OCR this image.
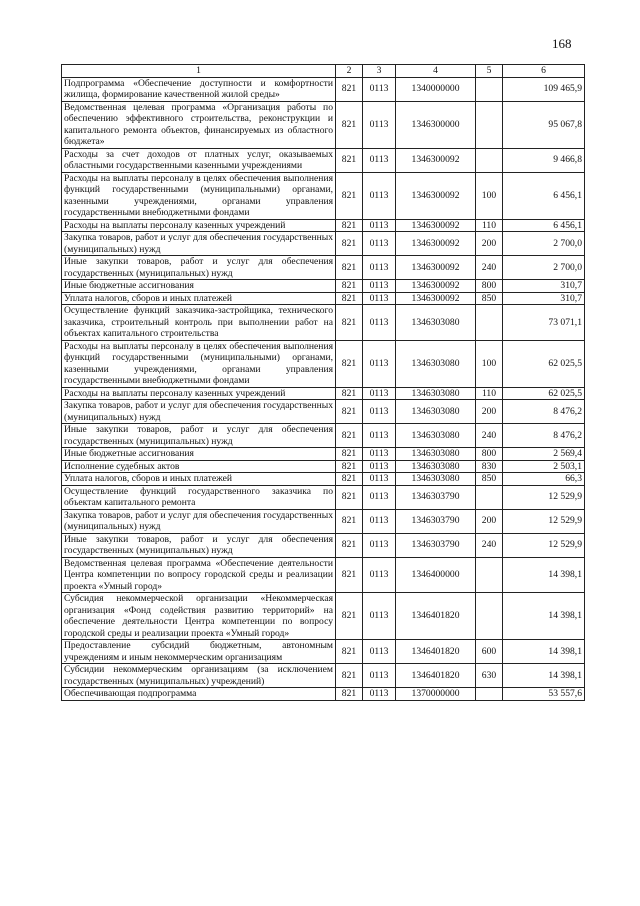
168
1	2	3	4	5	6
Подпрограмма «Обеспечение доступности и комфортности жилища, формирование качественной жилой среды»	821	0113	1340000000		109 465,9
Ведомственная целевая программа «Организация работы по обеспечению эффективного строительства, реконструкции и капитального ремонта объектов, финансируемых из областного бюджета»	821	0113	1346300000		95 067,8
Расходы за счет доходов от платных услуг, оказываемых областными государственными казенными учреждениями	821	0113	1346300092		9 466,8
Расходы на выплаты персоналу в целях обеспечения выполнения функций государственными (муниципальными) органами, казенными учреждениями, органами управления государственными внебюджетными фондами	821	0113	1346300092	100	6 456,1
Расходы на выплаты персоналу казенных учреждений	821	0113	1346300092	110	6 456,1
Закупка товаров, работ и услуг для обеспечения государственных (муниципальных) нужд	821	0113	1346300092	200	2 700,0
Иные закупки товаров, работ и услуг для обеспечения государственных (муниципальных) нужд	821	0113	1346300092	240	2 700,0
Иные бюджетные ассигнования	821	0113	1346300092	800	310,7
Уплата налогов, сборов и иных платежей	821	0113	1346300092	850	310,7
Осуществление функций заказчика-застройщика, технического заказчика, строительный контроль при выполнении работ на объектах капитального строительства	821	0113	1346303080		73 071,1
Расходы на выплаты персоналу в целях обеспечения выполнения функций государственными (муниципальными) органами, казенными учреждениями, органами управления государственными внебюджетными фондами	821	0113	1346303080	100	62 025,5
Расходы на выплаты персоналу казенных учреждений	821	0113	1346303080	110	62 025,5
Закупка товаров, работ и услуг для обеспечения государственных (муниципальных) нужд	821	0113	1346303080	200	8 476,2
Иные закупки товаров, работ и услуг для обеспечения государственных (муниципальных) нужд	821	0113	1346303080	240	8 476,2
Иные бюджетные ассигнования	821	0113	1346303080	800	2 569,4
Исполнение судебных актов	821	0113	1346303080	830	2 503,1
Уплата налогов, сборов и иных платежей	821	0113	1346303080	850	66,3
Осуществление функций государственного заказчика по объектам капитального ремонта	821	0113	1346303790		12 529,9
Закупка товаров, работ и услуг для обеспечения государственных (муниципальных) нужд	821	0113	1346303790	200	12 529,9
Иные закупки товаров, работ и услуг для обеспечения государственных (муниципальных) нужд	821	0113	1346303790	240	12 529,9
Ведомственная целевая программа «Обеспечение деятельности Центра компетенции по вопросу городской среды и реализации проекта «Умный город»	821	0113	1346400000		14 398,1
Субсидия некоммерческой организации «Некоммерческая организация «Фонд содействия развитию территорий» на обеспечение деятельности Центра компетенции по вопросу городской среды и реализации проекта «Умный город»	821	0113	1346401820		14 398,1
Предоставление субсидий бюджетным, автономным учреждениям и иным некоммерческим организациям	821	0113	1346401820	600	14 398,1
Субсидии некоммерческим организациям (за исключением государственных (муниципальных) учреждений)	821	0113	1346401820	630	14 398,1
Обеспечивающая подпрограмма	821	0113	1370000000		53 557,6
